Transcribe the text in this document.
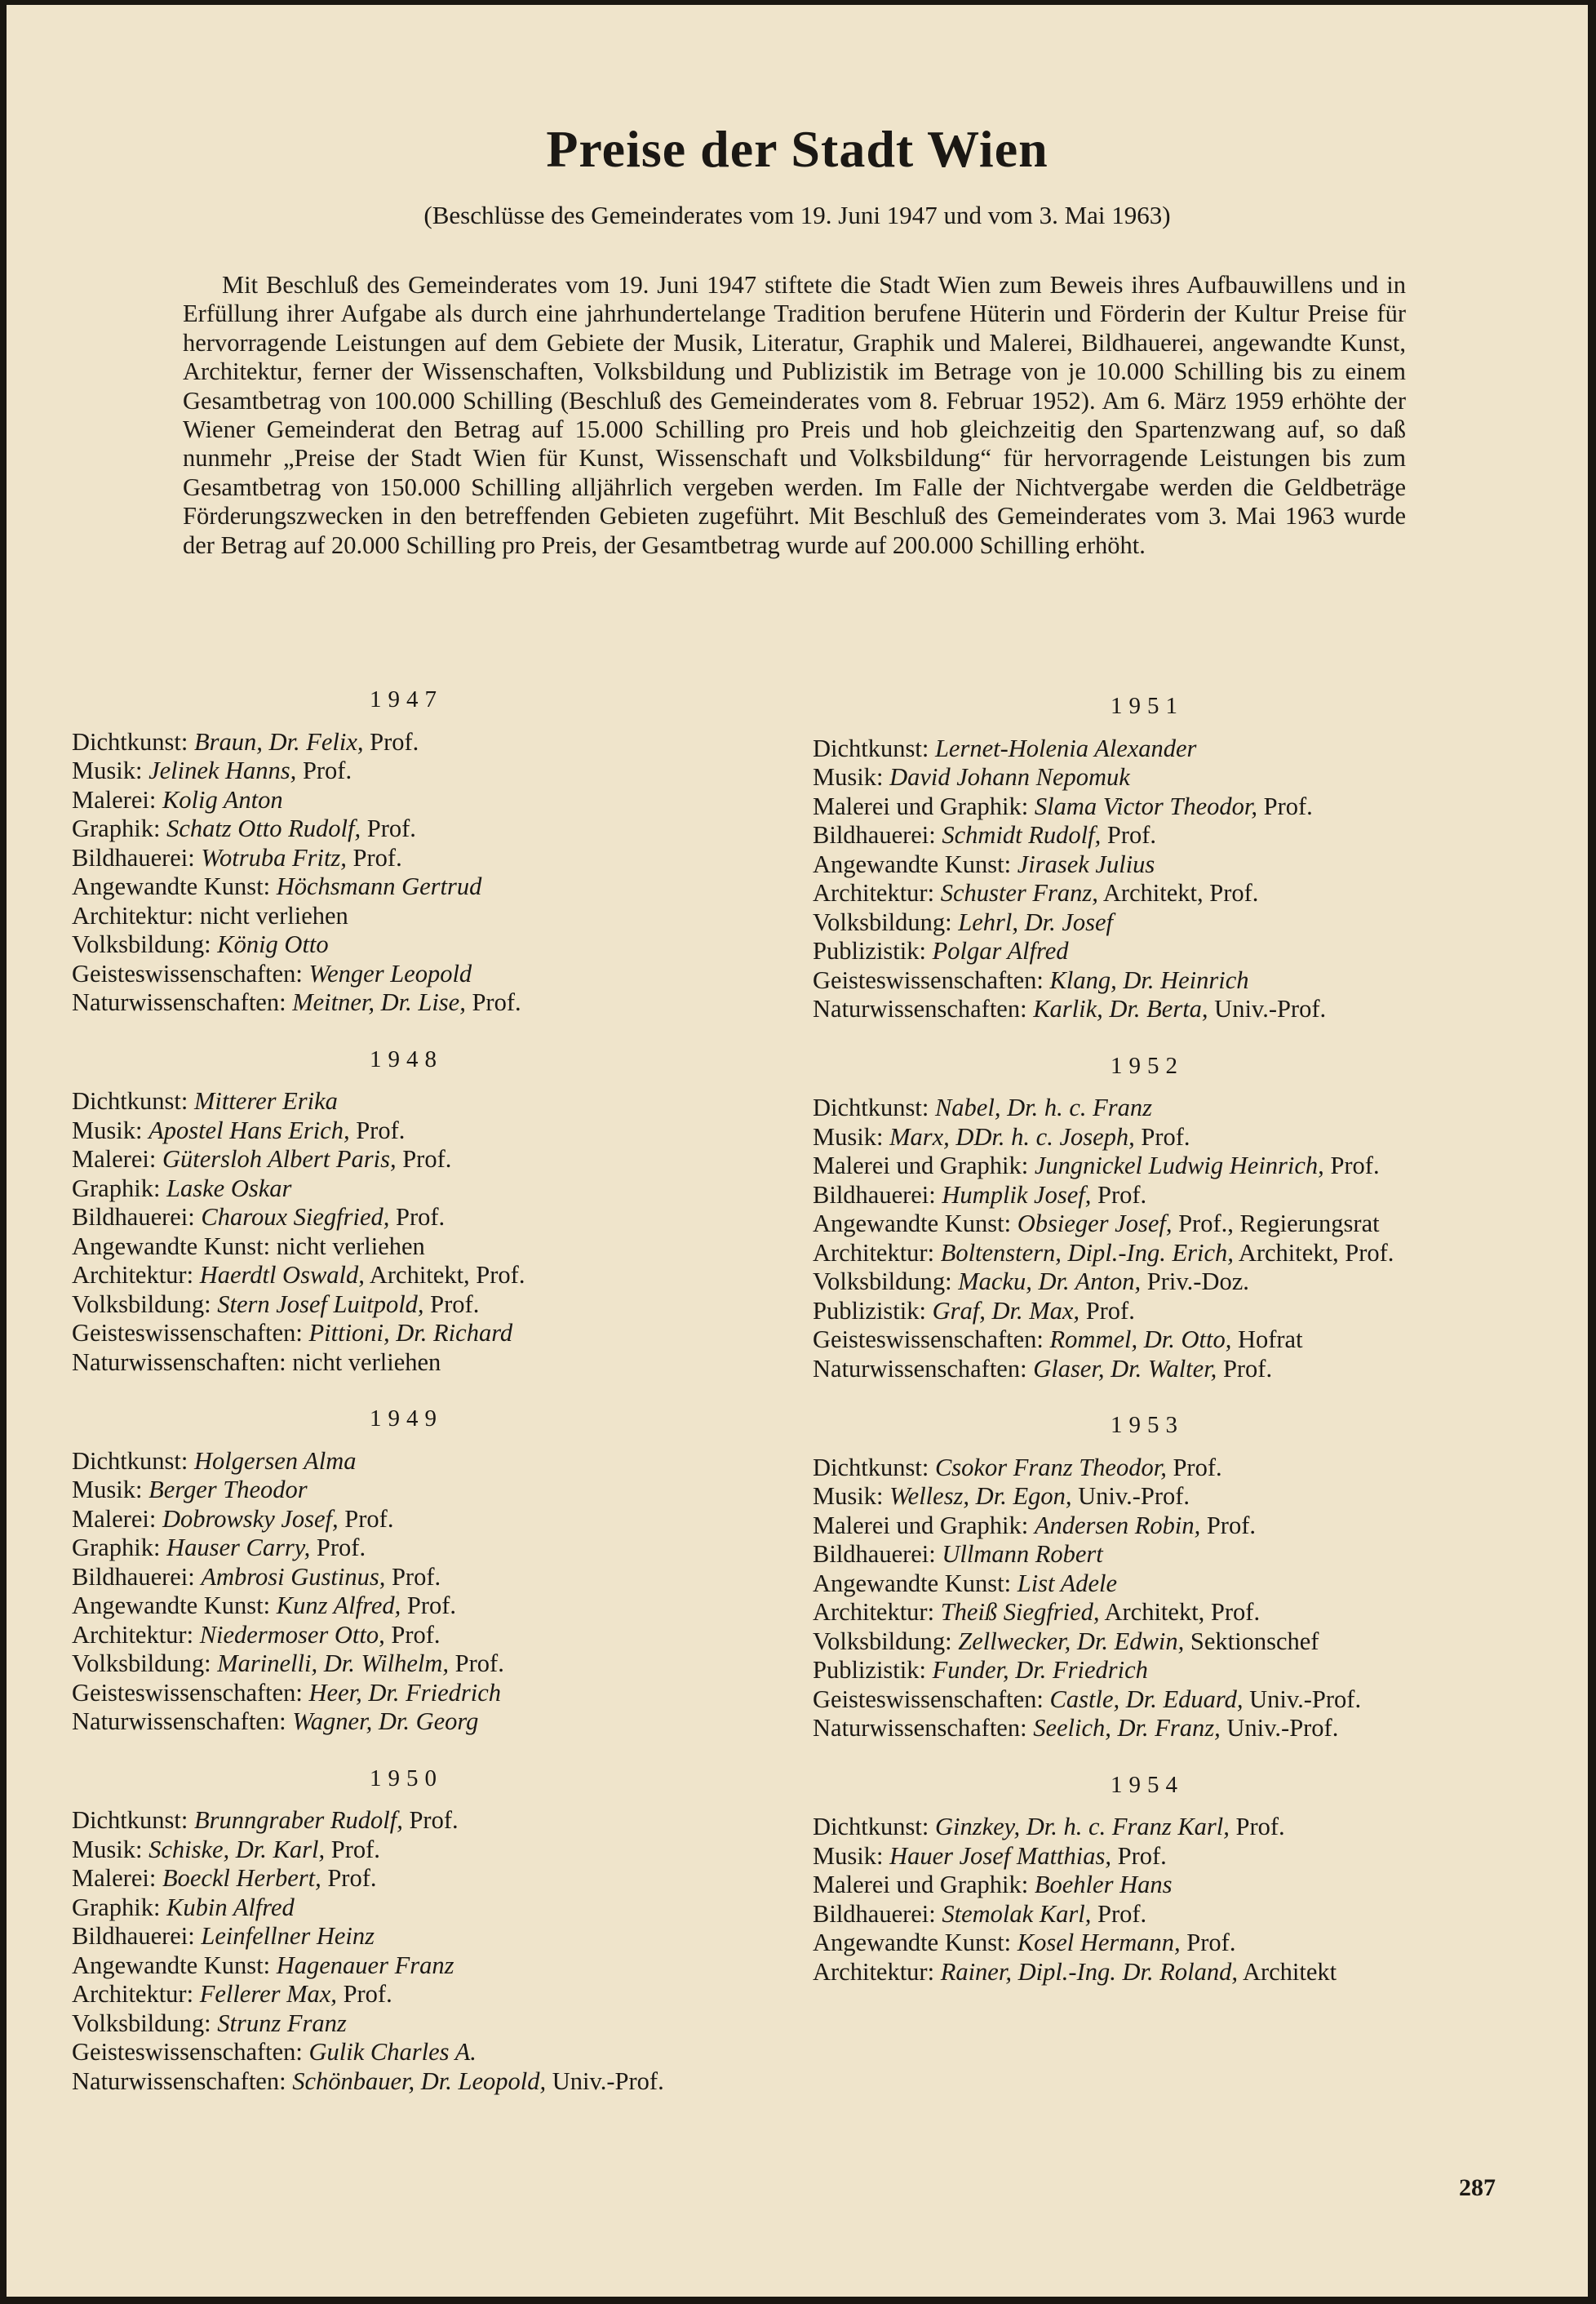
Preise der Stadt Wien

(Beschlüsse des Gemeinderates vom 19. Juni 1947 und vom 3. Mai 1963)

Mit Beschluß des Gemeinderates vom 19. Juni 1947 stiftete die Stadt Wien zum Beweis ihres Aufbauwillens und in Erfüllung ihrer Aufgabe als durch eine jahrhundertelange Tradition berufene Hüterin und Förderin der Kultur Preise für hervorragende Leistungen auf dem Gebiete der Musik, Literatur, Graphik und Malerei, Bildhauerei, angewandte Kunst, Architektur, ferner der Wissenschaften, Volksbildung und Publizistik im Betrage von je 10.000 Schilling bis zu einem Gesamtbetrag von 100.000 Schilling (Beschluß des Gemeinderates vom 8. Februar 1952). Am 6. März 1959 erhöhte der Wiener Gemeinderat den Betrag auf 15.000 Schilling pro Preis und hob gleichzeitig den Spartenzwang auf, so daß nunmehr „Preise der Stadt Wien für Kunst, Wissenschaft und Volksbildung“ für hervorragende Leistungen bis zum Gesamtbetrag von 150.000 Schilling alljährlich vergeben werden. Im Falle der Nichtvergabe werden die Geldbeträge Förderungszwecken in den betreffenden Gebieten zugeführt. Mit Beschluß des Gemeinderates vom 3. Mai 1963 wurde der Betrag auf 20.000 Schilling pro Preis, der Gesamtbetrag wurde auf 200.000 Schilling erhöht.

1947

Dichtkunst: Braun, Dr. Felix, Prof.

Musik: Jelinek Hanns, Prof.

Malerei: Kolig Anton

Graphik: Schatz Otto Rudolf, Prof.

Bildhauerei: Wotruba Fritz, Prof.

Angewandte Kunst: Höchsmann Gertrud

Architektur: nicht verliehen

Volksbildung: König Otto

Geisteswissenschaften: Wenger Leopold

Naturwissenschaften: Meitner, Dr. Lise, Prof.

1948

Dichtkunst: Mitterer Erika

Musik: Apostel Hans Erich, Prof.

Malerei: Gütersloh Albert Paris, Prof.

Graphik: Laske Oskar

Bildhauerei: Charoux Siegfried, Prof.

Angewandte Kunst: nicht verliehen

Architektur: Haerdtl Oswald, Architekt, Prof.

Volksbildung: Stern Josef Luitpold, Prof.

Geisteswissenschaften: Pittioni, Dr. Richard

Naturwissenschaften: nicht verliehen

1949

Dichtkunst: Holgersen Alma

Musik: Berger Theodor

Malerei: Dobrowsky Josef, Prof.

Graphik: Hauser Carry, Prof.

Bildhauerei: Ambrosi Gustinus, Prof.

Angewandte Kunst: Kunz Alfred, Prof.

Architektur: Niedermoser Otto, Prof.

Volksbildung: Marinelli, Dr. Wilhelm, Prof.

Geisteswissenschaften: Heer, Dr. Friedrich

Naturwissenschaften: Wagner, Dr. Georg

1950

Dichtkunst: Brunngraber Rudolf, Prof.

Musik: Schiske, Dr. Karl, Prof.

Malerei: Boeckl Herbert, Prof.

Graphik: Kubin Alfred

Bildhauerei: Leinfellner Heinz

Angewandte Kunst: Hagenauer Franz

Architektur: Fellerer Max, Prof.

Volksbildung: Strunz Franz

Geisteswissenschaften: Gulik Charles A.

Naturwissenschaften: Schönbauer, Dr. Leopold, Univ.-Prof.

1951

Dichtkunst: Lernet-Holenia Alexander

Musik: David Johann Nepomuk

Malerei und Graphik: Slama Victor Theodor, Prof.

Bildhauerei: Schmidt Rudolf, Prof.

Angewandte Kunst: Jirasek Julius

Architektur: Schuster Franz, Architekt, Prof.

Volksbildung: Lehrl, Dr. Josef

Publizistik: Polgar Alfred

Geisteswissenschaften: Klang, Dr. Heinrich

Naturwissenschaften: Karlik, Dr. Berta, Univ.-Prof.

1952

Dichtkunst: Nabel, Dr. h. c. Franz

Musik: Marx, DDr. h. c. Joseph, Prof.

Malerei und Graphik: Jungnickel Ludwig Heinrich, Prof.

Bildhauerei: Humplik Josef, Prof.

Angewandte Kunst: Obsieger Josef, Prof., Regierungsrat

Architektur: Boltenstern, Dipl.-Ing. Erich, Architekt, Prof.

Volksbildung: Macku, Dr. Anton, Priv.-Doz.

Publizistik: Graf, Dr. Max, Prof.

Geisteswissenschaften: Rommel, Dr. Otto, Hofrat

Naturwissenschaften: Glaser, Dr. Walter, Prof.

1953

Dichtkunst: Csokor Franz Theodor, Prof.

Musik: Wellesz, Dr. Egon, Univ.-Prof.

Malerei und Graphik: Andersen Robin, Prof.

Bildhauerei: Ullmann Robert

Angewandte Kunst: List Adele

Architektur: Theiß Siegfried, Architekt, Prof.

Volksbildung: Zellwecker, Dr. Edwin, Sektionschef

Publizistik: Funder, Dr. Friedrich

Geisteswissenschaften: Castle, Dr. Eduard, Univ.-Prof.

Naturwissenschaften: Seelich, Dr. Franz, Univ.-Prof.

1954

Dichtkunst: Ginzkey, Dr. h. c. Franz Karl, Prof.

Musik: Hauer Josef Matthias, Prof.

Malerei und Graphik: Boehler Hans

Bildhauerei: Stemolak Karl, Prof.

Angewandte Kunst: Kosel Hermann, Prof.

Architektur: Rainer, Dipl.-Ing. Dr. Roland, Architekt

287
